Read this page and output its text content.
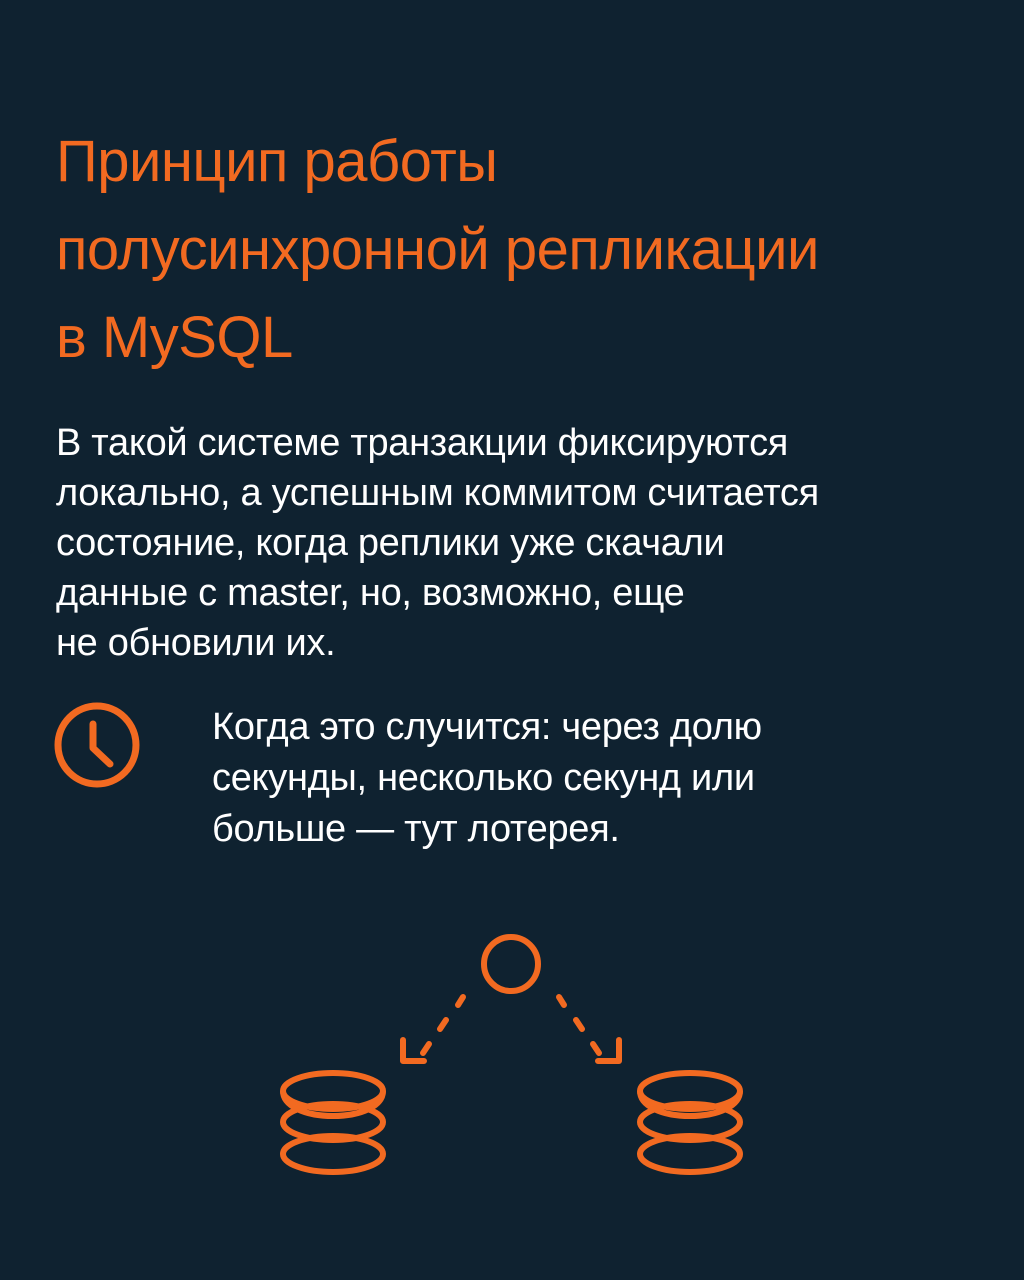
Принцип работы
полусинхронной репликации
в MySQL
В такой системе транзакции фиксируются
локально, а успешным коммитом считается
состояние, когда реплики уже скачали
данные с master, но, возможно, еще
не обновили их.
Когда это случится: через долю
секунды, несколько секунд или
больше — тут лотерея.
